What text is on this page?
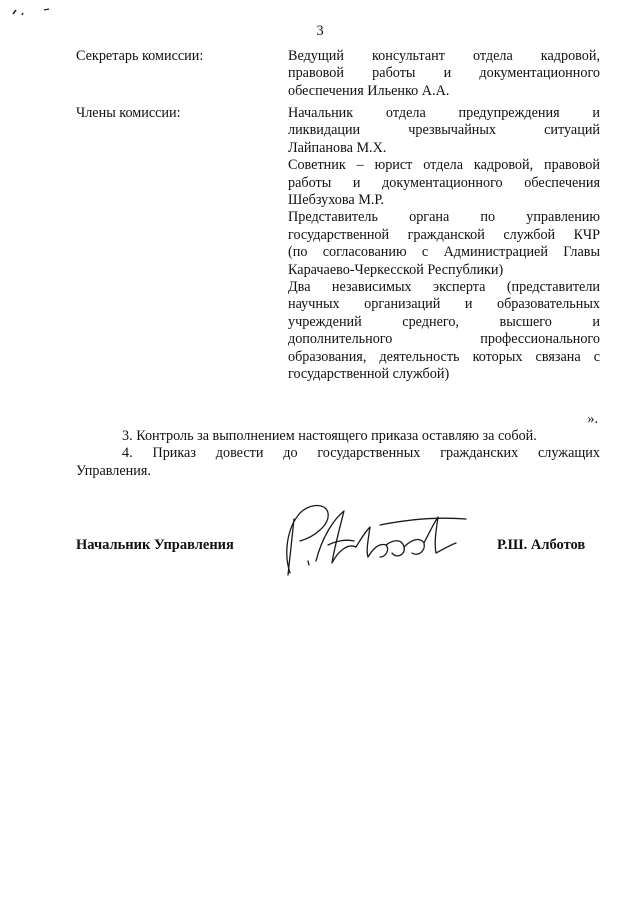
3
Секретарь комиссии:	Ведущий консультант отдела кадровой,
правовой работы и документационного
обеспечения Ильенко А.А.
Члены комиссии:	Начальник отдела предупреждения и
ликвидации чрезвычайных ситуаций
Лайпанова М.Х.

Советник – юрист отдела кадровой, правовой
работы и документационного обеспечения
Шебзухова М.Р.

Представитель органа по управлению
государственной гражданской службой КЧР
(по согласованию с Администрацией Главы
Карачаево-Черкесской Республики)

Два независимых эксперта (представители
научных организаций и образовательных
учреждений среднего, высшего и
дополнительного профессионального
образования, деятельность которых связана с
государственной службой)

».
3. Контроль за выполнением настоящего приказа оставляю за собой.
4. Приказ довести до государственных гражданских служащих
Управления.
Начальник Управления	Р.Ш. Алботов
